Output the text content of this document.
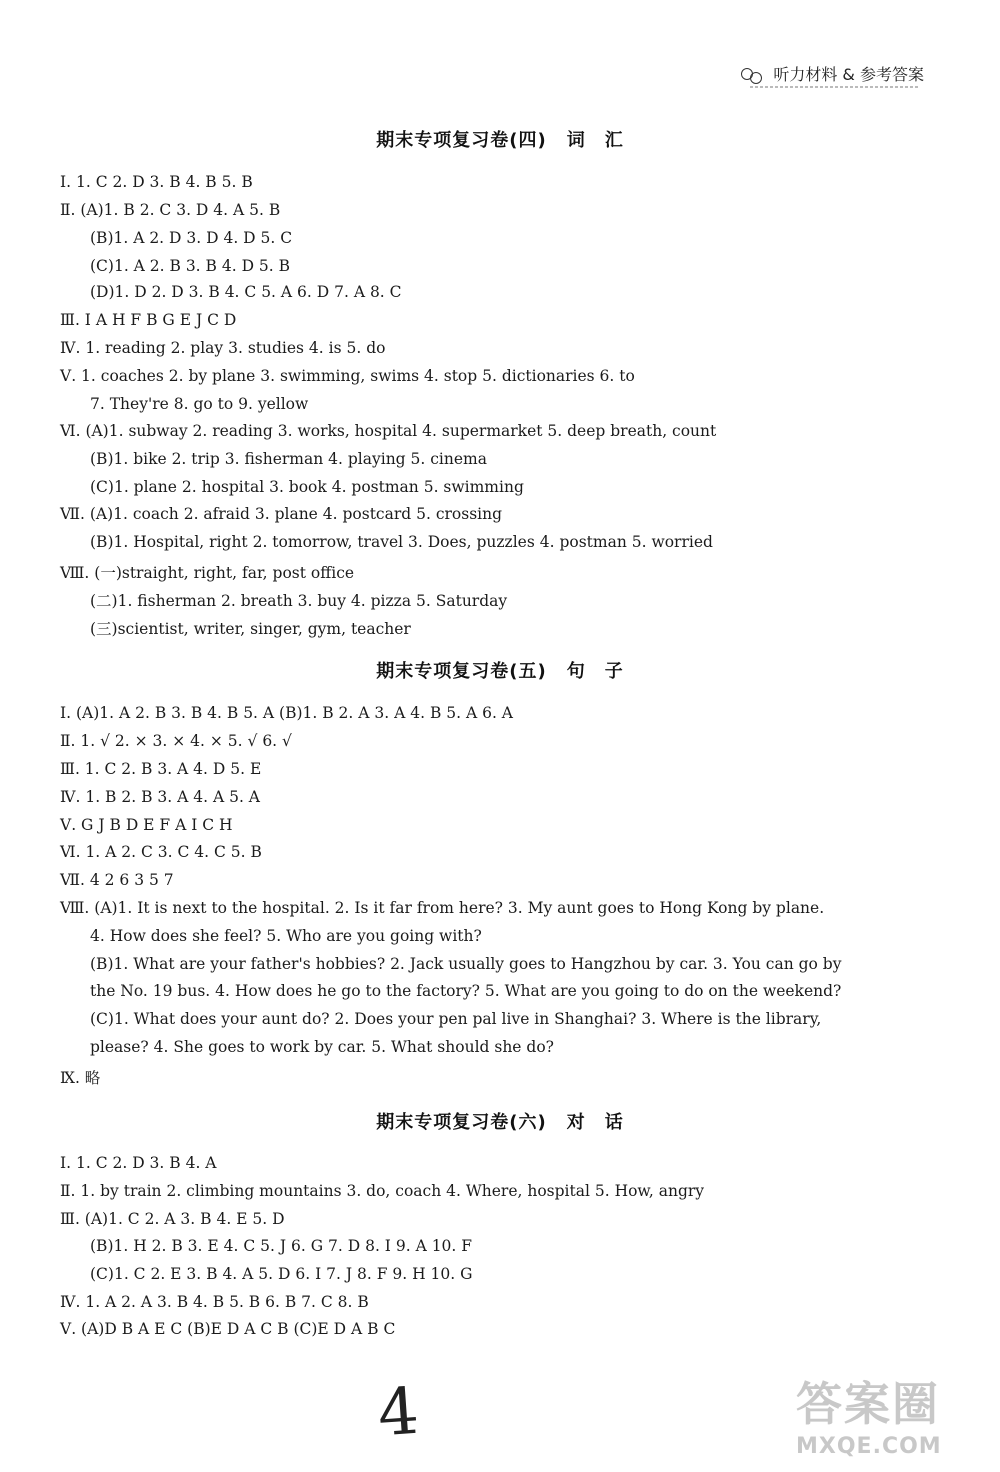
听力材料 & 参考答案
期末专项复习卷(四) 词　汇
Ⅰ. 1. C 2. D 3. B 4. B 5. B
Ⅱ. (A)1. B 2. C 3. D 4. A 5. B
(B)1. A 2. D 3. D 4. D 5. C
(C)1. A 2. B 3. B 4. D 5. B
(D)1. D 2. D 3. B 4. C 5. A 6. D 7. A 8. C
Ⅲ. I A H F B G E J C D
Ⅳ. 1. reading 2. play 3. studies 4. is 5. do
Ⅴ. 1. coaches 2. by plane 3. swimming, swims 4. stop 5. dictionaries 6. to
7. They're 8. go to 9. yellow
Ⅵ. (A)1. subway 2. reading 3. works, hospital 4. supermarket 5. deep breath, count
(B)1. bike 2. trip 3. fisherman 4. playing 5. cinema
(C)1. plane 2. hospital 3. book 4. postman 5. swimming
Ⅶ. (A)1. coach 2. afraid 3. plane 4. postcard 5. crossing
(B)1. Hospital, right 2. tomorrow, travel 3. Does, puzzles 4. postman 5. worried
Ⅷ. (一)straight, right, far, post office
(二)1. fisherman 2. breath 3. buy 4. pizza 5. Saturday
(三)scientist, writer, singer, gym, teacher
期末专项复习卷(五) 句　子
Ⅰ. (A)1. A 2. B 3. B 4. B 5. A (B)1. B 2. A 3. A 4. B 5. A 6. A
Ⅱ. 1. √ 2. × 3. × 4. × 5. √ 6. √
Ⅲ. 1. C 2. B 3. A 4. D 5. E
Ⅳ. 1. B 2. B 3. A 4. A 5. A
Ⅴ. G J B D E F A I C H
Ⅵ. 1. A 2. C 3. C 4. C 5. B
Ⅶ. 4 2 6 3 5 7
Ⅷ. (A)1. It is next to the hospital. 2. Is it far from here? 3. My aunt goes to Hong Kong by plane.
4. How does she feel? 5. Who are you going with?
(B)1. What are your father's hobbies? 2. Jack usually goes to Hangzhou by car. 3. You can go by
the No. 19 bus. 4. How does he go to the factory? 5. What are you going to do on the weekend?
(C)1. What does your aunt do? 2. Does your pen pal live in Shanghai? 3. Where is the library,
please? 4. She goes to work by car. 5. What should she do?
Ⅸ. 略
期末专项复习卷(六) 对　话
Ⅰ. 1. C 2. D 3. B 4. A
Ⅱ. 1. by train 2. climbing mountains 3. do, coach 4. Where, hospital 5. How, angry
Ⅲ. (A)1. C 2. A 3. B 4. E 5. D
(B)1. H 2. B 3. E 4. C 5. J 6. G 7. D 8. I 9. A 10. F
(C)1. C 2. E 3. B 4. A 5. D 6. I 7. J 8. F 9. H 10. G
Ⅳ. 1. A 2. A 3. B 4. B 5. B 6. B 7. C 8. B
Ⅴ. (A)D B A E C (B)E D A C B (C)E D A B C
4	答案圈
MXQE.COM
